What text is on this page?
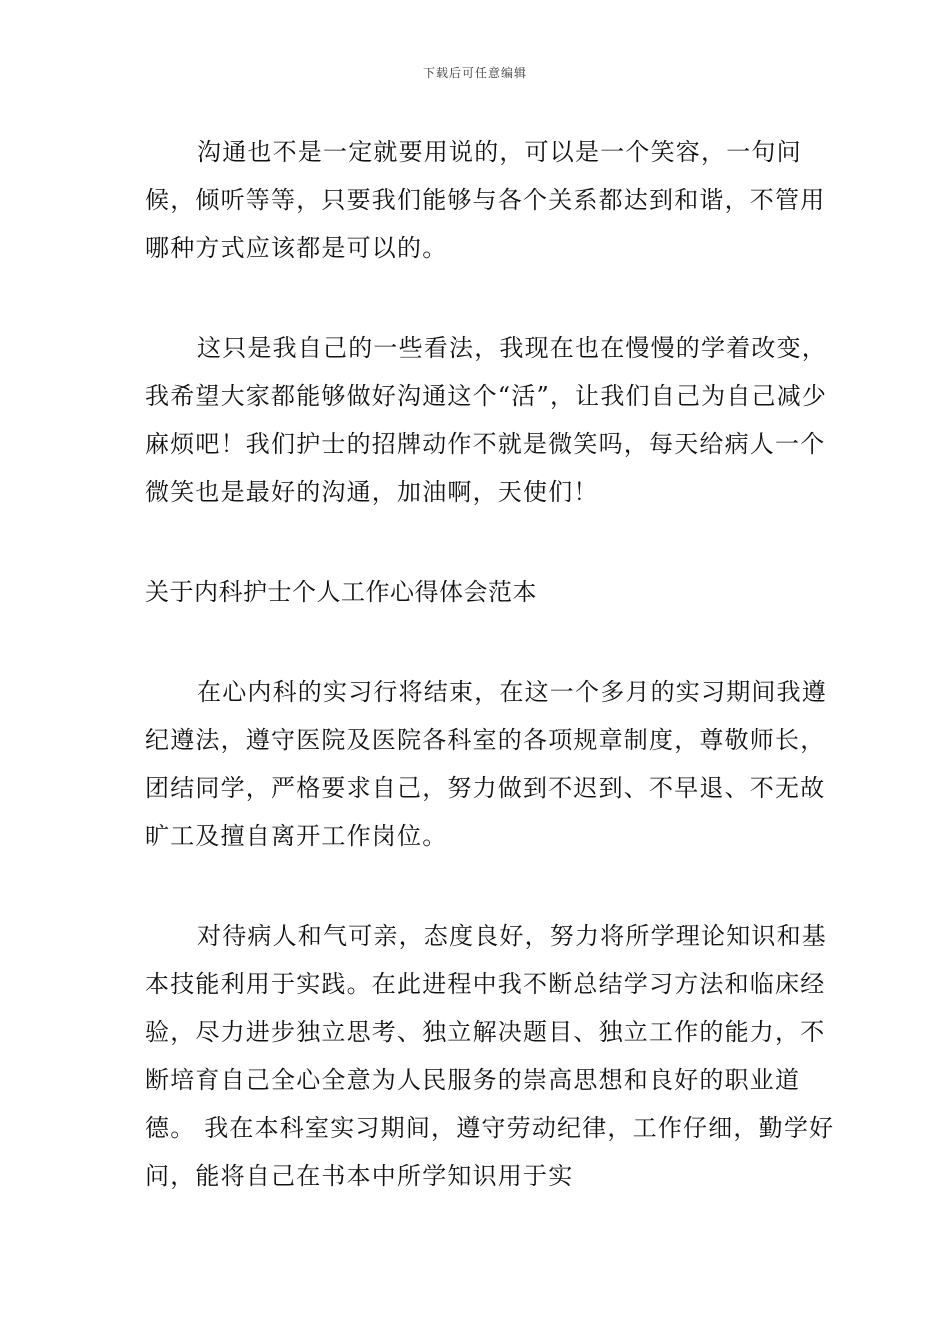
下载后可任意编辑

沟通也不是一定就要用说的，可以是一个笑容，一句问候，倾听等等，只要我们能够与各个关系都达到和谐，不管用哪种方式应该都是可以的。

这只是我自己的一些看法，我现在也在慢慢的学着改变，我希望大家都能够做好沟通这个“活”，让我们自己为自己减少麻烦吧！我们护士的招牌动作不就是微笑吗，每天给病人一个微笑也是最好的沟通，加油啊，天使们！

关于内科护士个人工作心得体会范本

在心内科的实习行将结束，在这一个多月的实习期间我遵纪遵法，遵守医院及医院各科室的各项规章制度，尊敬师长，团结同学，严格要求自己，努力做到不迟到、不早退、不无故旷工及擅自离开工作岗位。

对待病人和气可亲，态度良好，努力将所学理论知识和基本技能利用于实践。在此进程中我不断总结学习方法和临床经验，尽力进步独立思考、独立解决题目、独立工作的能力，不断培育自己全心全意为人民服务的崇高思想和良好的职业道德。 我在本科室实习期间，遵守劳动纪律，工作仔细，勤学好问，能将自己在书本中所学知识用于实
